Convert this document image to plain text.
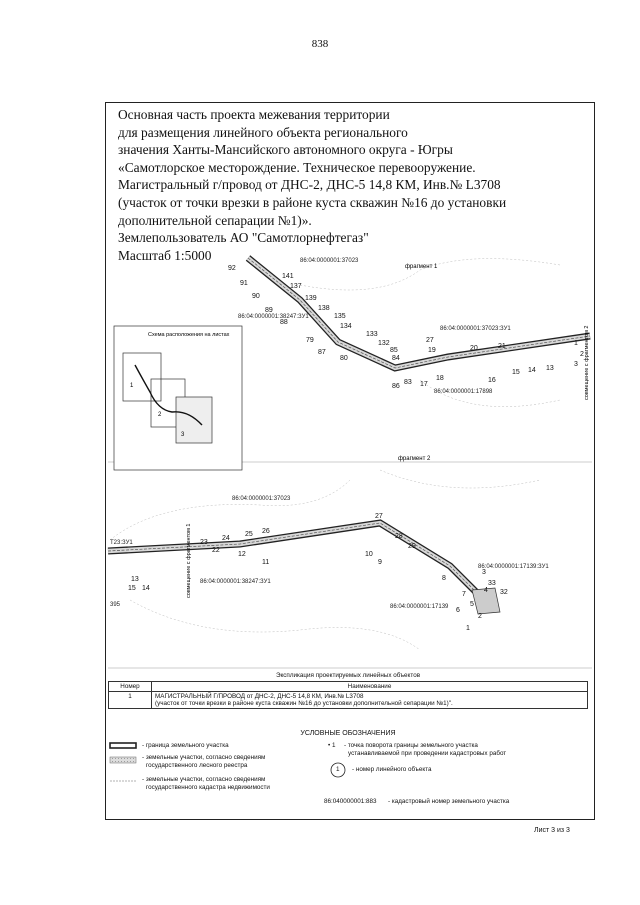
838
Основная часть проекта межевания территории
для размещения линейного объекта регионального
значения Ханты-Мансийского автономного округа - Югры
«Самотлорское месторождение. Техническое перевооружение.
Магистральный г/провод от ДНС-2, ДНС-5 14,8 КМ, Инв.№ L3708
(участок от точки врезки в районе куста скважин №16 до установки
дополнительной сепарации №1)».
Землепользователь АО "Самотлорнефтегаз"
Масштаб 1:5000
Схема расположения на листах
1
2
3
фрагмент 1
фрагмент 2
совмещение с фрагментом 2
совмещение с фрагментом 1
86:04:0000001:37023
86:04:0000001:38247:ЗУ1
86:04:0000001:37023:ЗУ1
86:04:0000001:17898
86:04:0000001:37023
86:04:0000001:38247:ЗУ1
86:04:0000001:17139:ЗУ1
86:04:0000001:17139
T23:ЗУ1
395
92
91
90
89
88
141
137
139
138
135
134
79
87
80
133
132
85
84
83
86	17
19
18
27
20	21
16
15 14 13
1
3
2
22
23
24
25 26
27
28
29
13
14
15
12
11
10
9
8
7
1
2
3
4
5
6
32
33
Экспликация проектируемых линейных объектов
Номер	Наименование
1	МАГИСТРАЛЬНЫЙ Г/ПРОВОД от ДНС-2, ДНС-5 14,8 КМ, Инв.№ L3708
(участок от точки врезки в районе куста скважин №16 до установки дополнительной сепарации №1)".
УСЛОВНЫЕ ОБОЗНАЧЕНИЯ
- граница земельного участка
- земельные участки, согласно сведениям
государственного лесного реестра
- земельные участки, согласно сведениям
государственного кадастра недвижимости
• 1 - точка поворота границы земельного участка
устанавливаемой при проведении кадастровых работ
1 - номер линейного объекта
86:040000001:883 - кадастровый номер земельного участка
Лист 3 из 3
